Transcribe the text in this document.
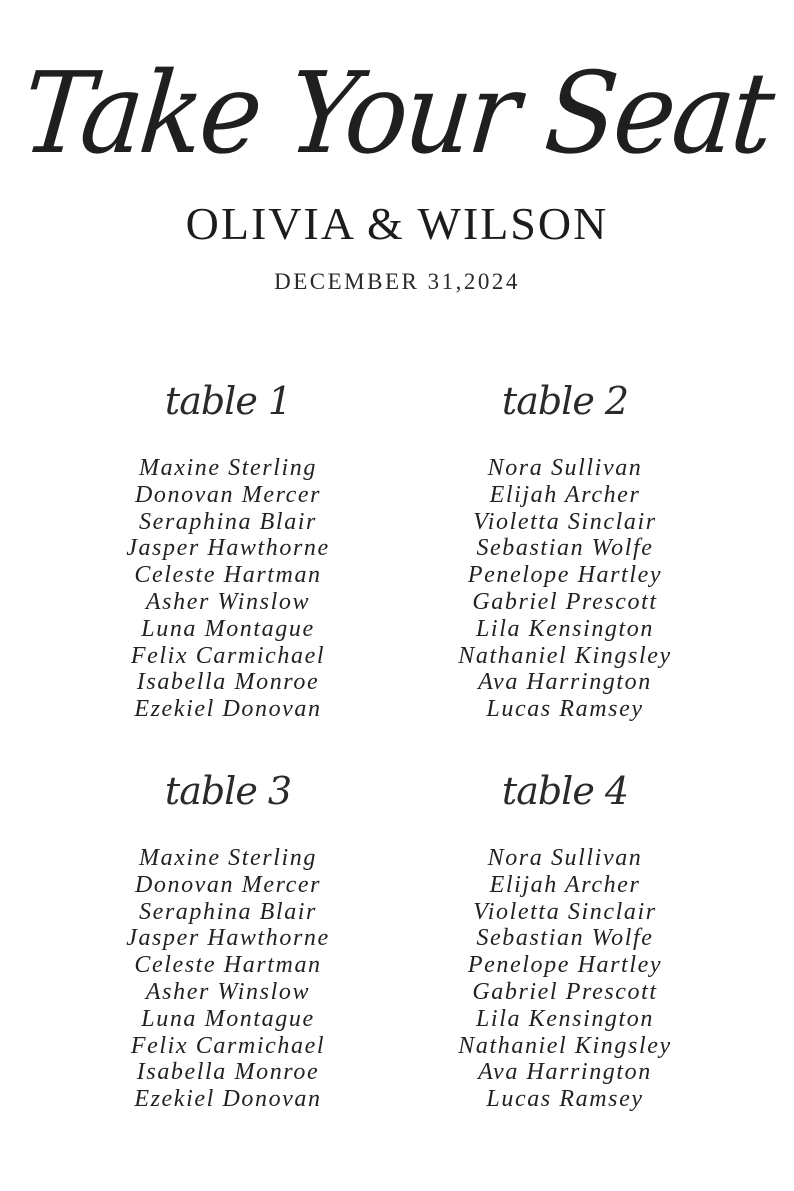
Take Your Seat
OLIVIA & WILSON
DECEMBER 31,2024
table 1
Maxine Sterling
Donovan Mercer
Seraphina Blair
Jasper Hawthorne
Celeste Hartman
Asher Winslow
Luna Montague
Felix Carmichael
Isabella Monroe
Ezekiel Donovan
table 2
Nora Sullivan
Elijah Archer
Violetta Sinclair
Sebastian Wolfe
Penelope Hartley
Gabriel Prescott
Lila Kensington
Nathaniel Kingsley
Ava Harrington
Lucas Ramsey
table 3
Maxine Sterling
Donovan Mercer
Seraphina Blair
Jasper Hawthorne
Celeste Hartman
Asher Winslow
Luna Montague
Felix Carmichael
Isabella Monroe
Ezekiel Donovan
table 4
Nora Sullivan
Elijah Archer
Violetta Sinclair
Sebastian Wolfe
Penelope Hartley
Gabriel Prescott
Lila Kensington
Nathaniel Kingsley
Ava Harrington
Lucas Ramsey
